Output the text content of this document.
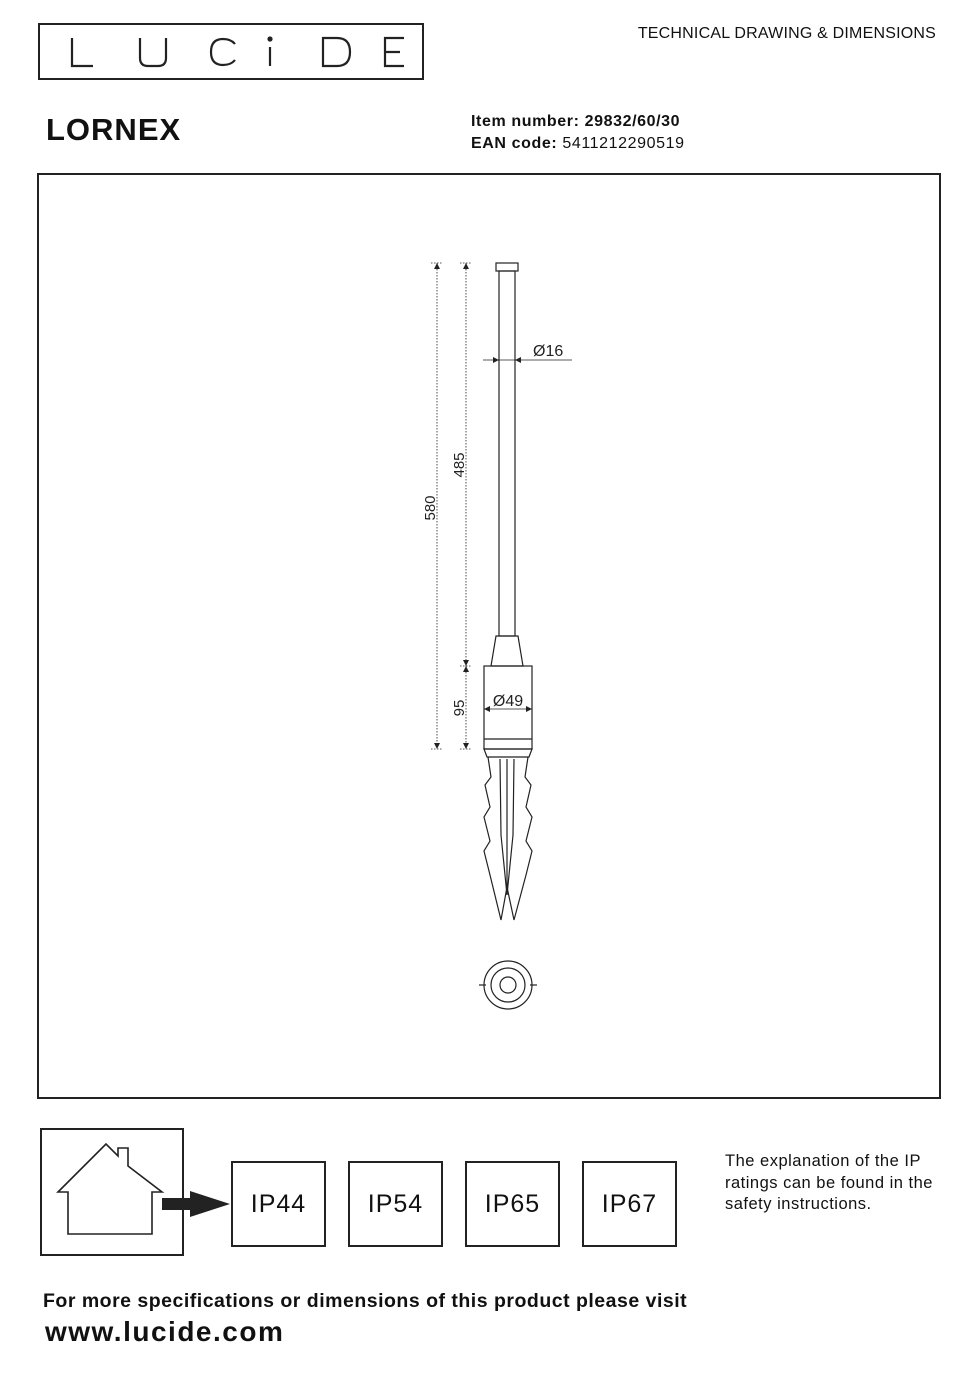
TECHNICAL DRAWING & DIMENSIONS
LORNEX	Item number: 29832/60/30
EAN code: 5411212290519
580
485
95
Ø16
Ø49
IP44	IP54	IP65	IP67
The explanation of the IP ratings can be found in the safety instructions.
For more specifications or dimensions of this product please visit
www.lucide.com
